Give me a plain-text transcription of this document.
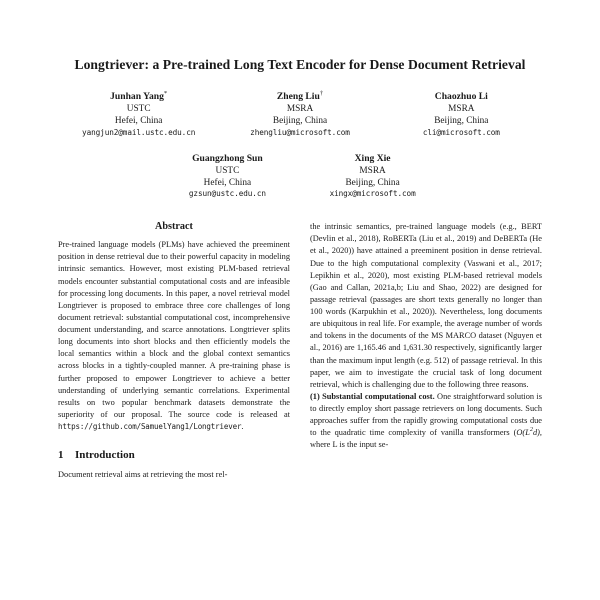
Longtriever: a Pre-trained Long Text Encoder for Dense Document Retrieval
Junhan Yang*
USTC
Hefei, China
yangjun2@mail.ustc.edu.cn
Zheng Liu†
MSRA
Beijing, China
zhengliu@microsoft.com
Chaozhuo Li
MSRA
Beijing, China
cli@microsoft.com
Guangzhong Sun
USTC
Hefei, China
gzsun@ustc.edu.cn
Xing Xie
MSRA
Beijing, China
xingx@microsoft.com
Abstract

Pre-trained language models (PLMs) have achieved the preeminent position in dense retrieval due to their powerful capacity in modeling intrinsic semantics. However, most existing PLM-based retrieval models encounter substantial computational costs and are infeasible for processing long documents. In this paper, a novel retrieval model Longtriever is proposed to embrace three core challenges of long document retrieval: substantial computational cost, incomprehensive document understanding, and scarce annotations. Longtriever splits long documents into short blocks and then efficiently models the local semantics within a block and the global context semantics across blocks in a tightly-coupled manner. A pre-training phase is further proposed to empower Longtriever to achieve a better understanding of underlying semantic correlations. Experimental results on two popular benchmark datasets demonstrate the superiority of our proposal. The source code is released at https://github.com/SamuelYang1/Longtriever.

1	Introduction

Document retrieval aims at retrieving the most rel-

the intrinsic semantics, pre-trained language models (e.g., BERT (Devlin et al., 2018), RoBERTa (Liu et al., 2019) and DeBERTa (He et al., 2020)) have attained a preeminent position in dense retrieval. Due to the high computational complexity (Vaswani et al., 2017; Lepikhin et al., 2020), most existing PLM-based retrieval models (Gao and Callan, 2021a,b; Liu and Shao, 2022) are designed for passage retrieval (passages are short texts generally no longer than 100 words (Karpukhin et al., 2020)). Nevertheless, long documents are ubiquitous in real life. For example, the average number of words and tokens in the documents of the MS MARCO dataset (Nguyen et al., 2016) are 1,165.46 and 1,631.30 respectively, significantly larger than the maximum input length (e.g. 512) of passage retrieval. In this paper, we aim to investigate the crucial task of long document retrieval, which is challenging due to the following three reasons.

(1) Substantial computational cost. One straightforward solution is to directly employ short passage retrievers on long documents. Such approaches suffer from the rapidly growing computational costs due to the quadratic time complexity of vanilla transformers ($O(L^2d)$, where L is the input se-
